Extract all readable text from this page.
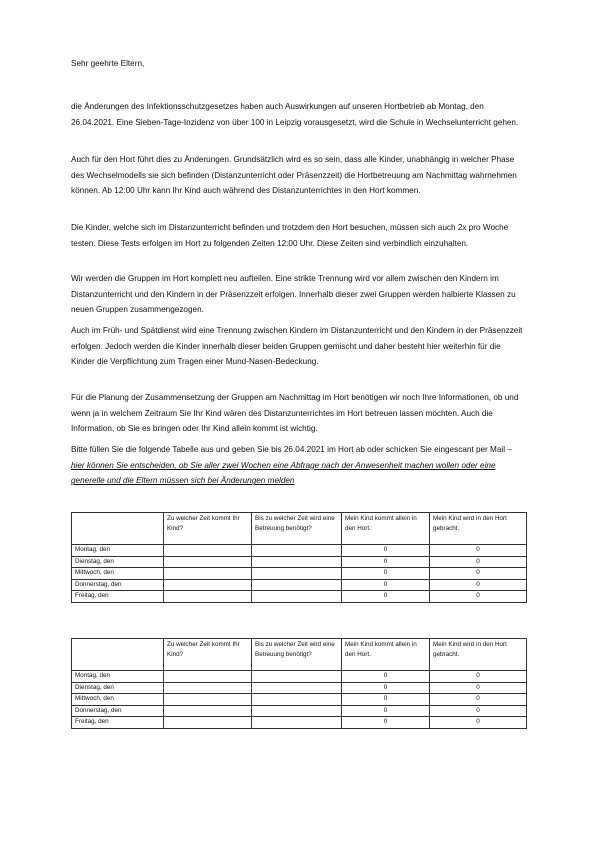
Sehr geehrte Eltern,

die Änderungen des Infektionsschutzgesetzes haben auch Auswirkungen auf unseren Hortbetrieb ab Montag, den 26.04.2021. Eine Sieben-Tage-Inzidenz von über 100 in Leipzig vorausgesetzt, wird die Schule in Wechselunterricht gehen.

Auch für den Hort führt dies zu Änderungen. Grundsätzlich wird es so sein, dass alle Kinder, unabhängig in welcher Phase des Wechselmodells sie sich befinden (Distanzunterricht oder Präsenzzeit) die Hortbetreuung am Nachmittag wahrnehmen können. Ab 12:00 Uhr kann Ihr Kind auch während des Distanzunterrichtes in den Hort kommen.

Die Kinder, welche sich im Distanzunterricht befinden und trotzdem den Hort besuchen, müssen sich auch 2x pro Woche testen. Diese Tests erfolgen im Hort zu folgenden Zeiten 12:00 Uhr. Diese Zeiten sind verbindlich einzuhalten.

Wir werden die Gruppen im Hort komplett neu aufteilen. Eine strikte Trennung wird vor allem zwischen den Kindern im Distanzunterricht und den Kindern in der Präsenzzeit erfolgen. Innerhalb dieser zwei Gruppen werden halbierte Klassen zu neuen Gruppen zusammengezogen.

Auch im Früh- und Spätdienst wird eine Trennung zwischen Kindern im Distanzunterricht und den Kindern in der Präsenzzeit erfolgen. Jedoch werden die Kinder innerhalb dieser beiden Gruppen gemischt und daher besteht hier weiterhin für die Kinder die Verpflichtung zum Tragen einer Mund-Nasen-Bedeckung.

Für die Planung der Zusammensetzung der Gruppen am Nachmittag im Hort benötigen wir noch Ihre Informationen, ob und wenn ja in welchem Zeitraum Sie Ihr Kind wären des Distanzunterrichtes im Hort betreuen lassen möchten. Auch die Information, ob Sie es bringen oder Ihr Kind allein kommt ist wichtig.

Bitte füllen Sie die folgende Tabelle aus und geben Sie bis 26.04.2021 im Hort ab oder schicken Sie eingescant per Mail – hier können Sie entscheiden, ob Sie aller zwei Wochen eine Abfrage nach der Anwesenheit machen wollen oder eine generelle und die Eltern müssen sich bei Änderungen melden

	Zu welcher Zeit kommt Ihr Kind?	Bis zu welcher Zeit wird eine Betreuung benötigt?	Mein Kind kommt allein in den Hort.	Mein Kind wird in den Hort gebracht.
Montag, den			0	0
Dienstag, den			0	0
Mittwoch, den			0	0
Donnerstag, den			0	0
Freitag, den			0	0
	Zu welcher Zeit kommt Ihr Kind?	Bis zu welcher Zeit wird eine Betreuung benötigt?	Mein Kind kommt allein in den Hort.	Mein Kind wird in den Hort gebracht.
Montag, den			0	0
Dienstag, den			0	0
Mittwoch, den			0	0
Donnerstag, den			0	0
Freitag, den			0	0
